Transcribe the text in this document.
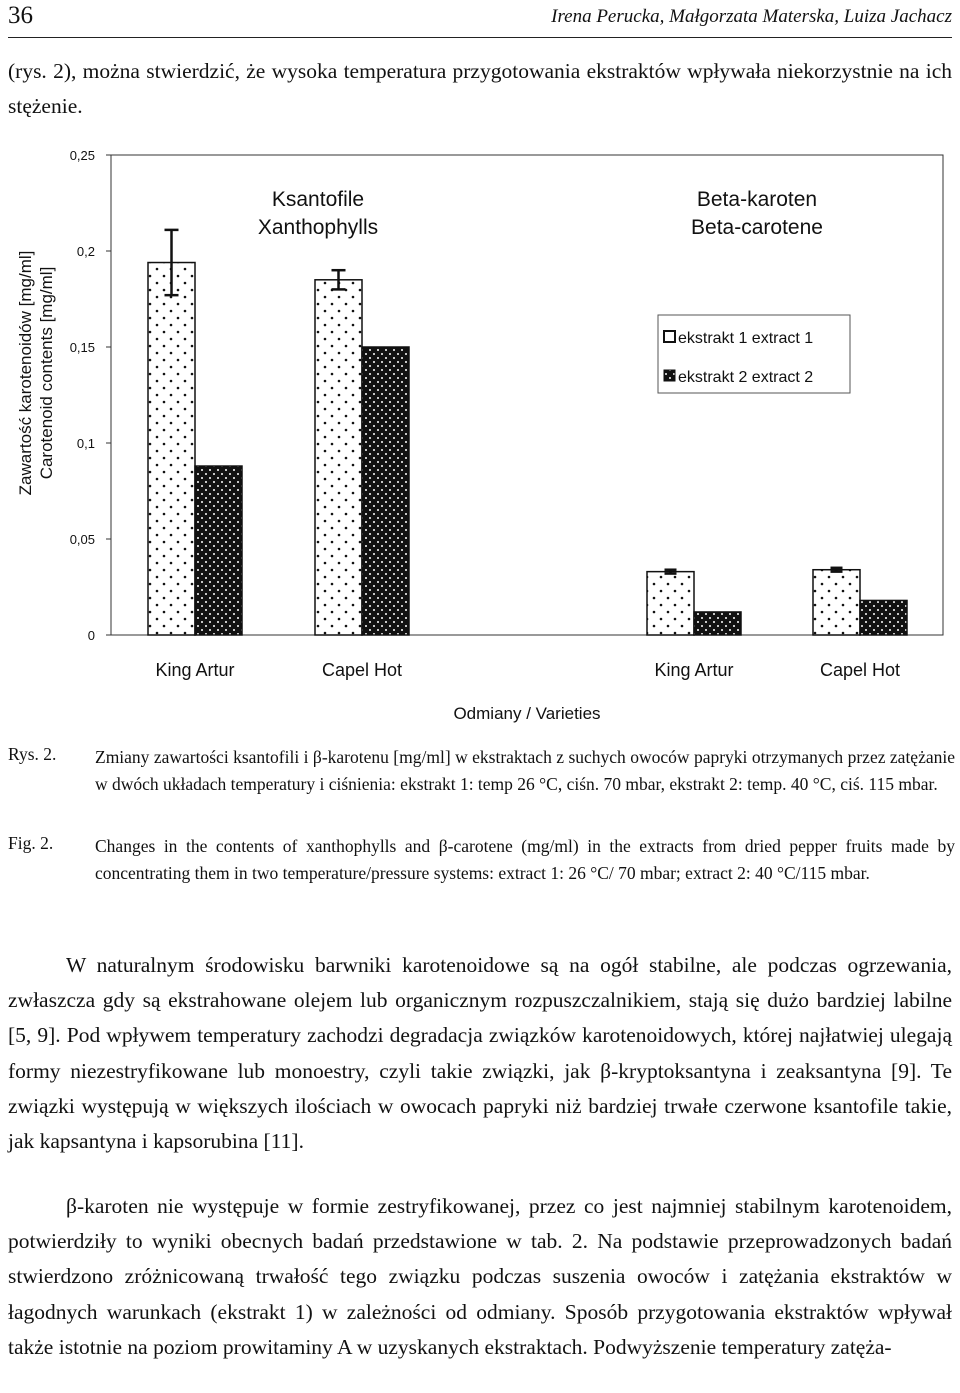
36	Irena Perucka, Małgorzata Materska, Luiza Jachacz
(rys. 2), można stwierdzić, że wysoka temperatura przygotowania ekstraktów wpływała niekorzystnie na ich stężenie.
0
0,05
0,1
0,15
0,2
0,25
Zawartość karotenoidów [mg/ml] Carotenoid contents [mg/ml]
Ksantofile
Xanthophylls
Beta-karoten
Beta-carotene
ekstrakt 1 extract 1
ekstrakt 2 extract 2
King Artur	Capel Hot	King Artur	Capel Hot
Odmiany / Varieties
Rys. 2. Zmiany zawartości ksantofili i β-karotenu [mg/ml] w ekstraktach z suchych owoców papryki otrzymanych przez zatężanie w dwóch układach temperatury i ciśnienia: ekstrakt 1: temp 26 °C, ciśn. 70 mbar, ekstrakt 2: temp. 40 °C, ciś. 115 mbar.
Fig. 2. Changes in the contents of xanthophylls and β-carotene (mg/ml) in the extracts from dried pepper fruits made by concentrating them in two temperature/pressure systems: extract 1: 26 °C/ 70 mbar; extract 2: 40 °C/115 mbar.
W naturalnym środowisku barwniki karotenoidowe są na ogół stabilne, ale podczas ogrzewania, zwłaszcza gdy są ekstrahowane olejem lub organicznym rozpuszczalnikiem, stają się dużo bardziej labilne [5, 9]. Pod wpływem temperatury zachodzi degradacja związków karotenoidowych, której najłatwiej ulegają formy niezestryfikowane lub monoestry, czyli takie związki, jak β-kryptoksantyna i zeaksantyna [9]. Te związki występują w większych ilościach w owocach papryki niż bardziej trwałe czerwone ksantofile takie, jak kapsantyna i kapsorubina [11].
β-karoten nie występuje w formie zestryfikowanej, przez co jest najmniej stabilnym karotenoidem, potwierdziły to wyniki obecnych badań przedstawione w tab. 2. Na podstawie przeprowadzonych badań stwierdzono zróżnicowaną trwałość tego związku podczas suszenia owoców i zatężania ekstraktów w łagodnych warunkach (ekstrakt 1) w zależności od odmiany. Sposób przygotowania ekstraktów wpływał także istotnie na poziom prowitaminy A w uzyskanych ekstraktach. Podwyższenie temperatury zatęża-
